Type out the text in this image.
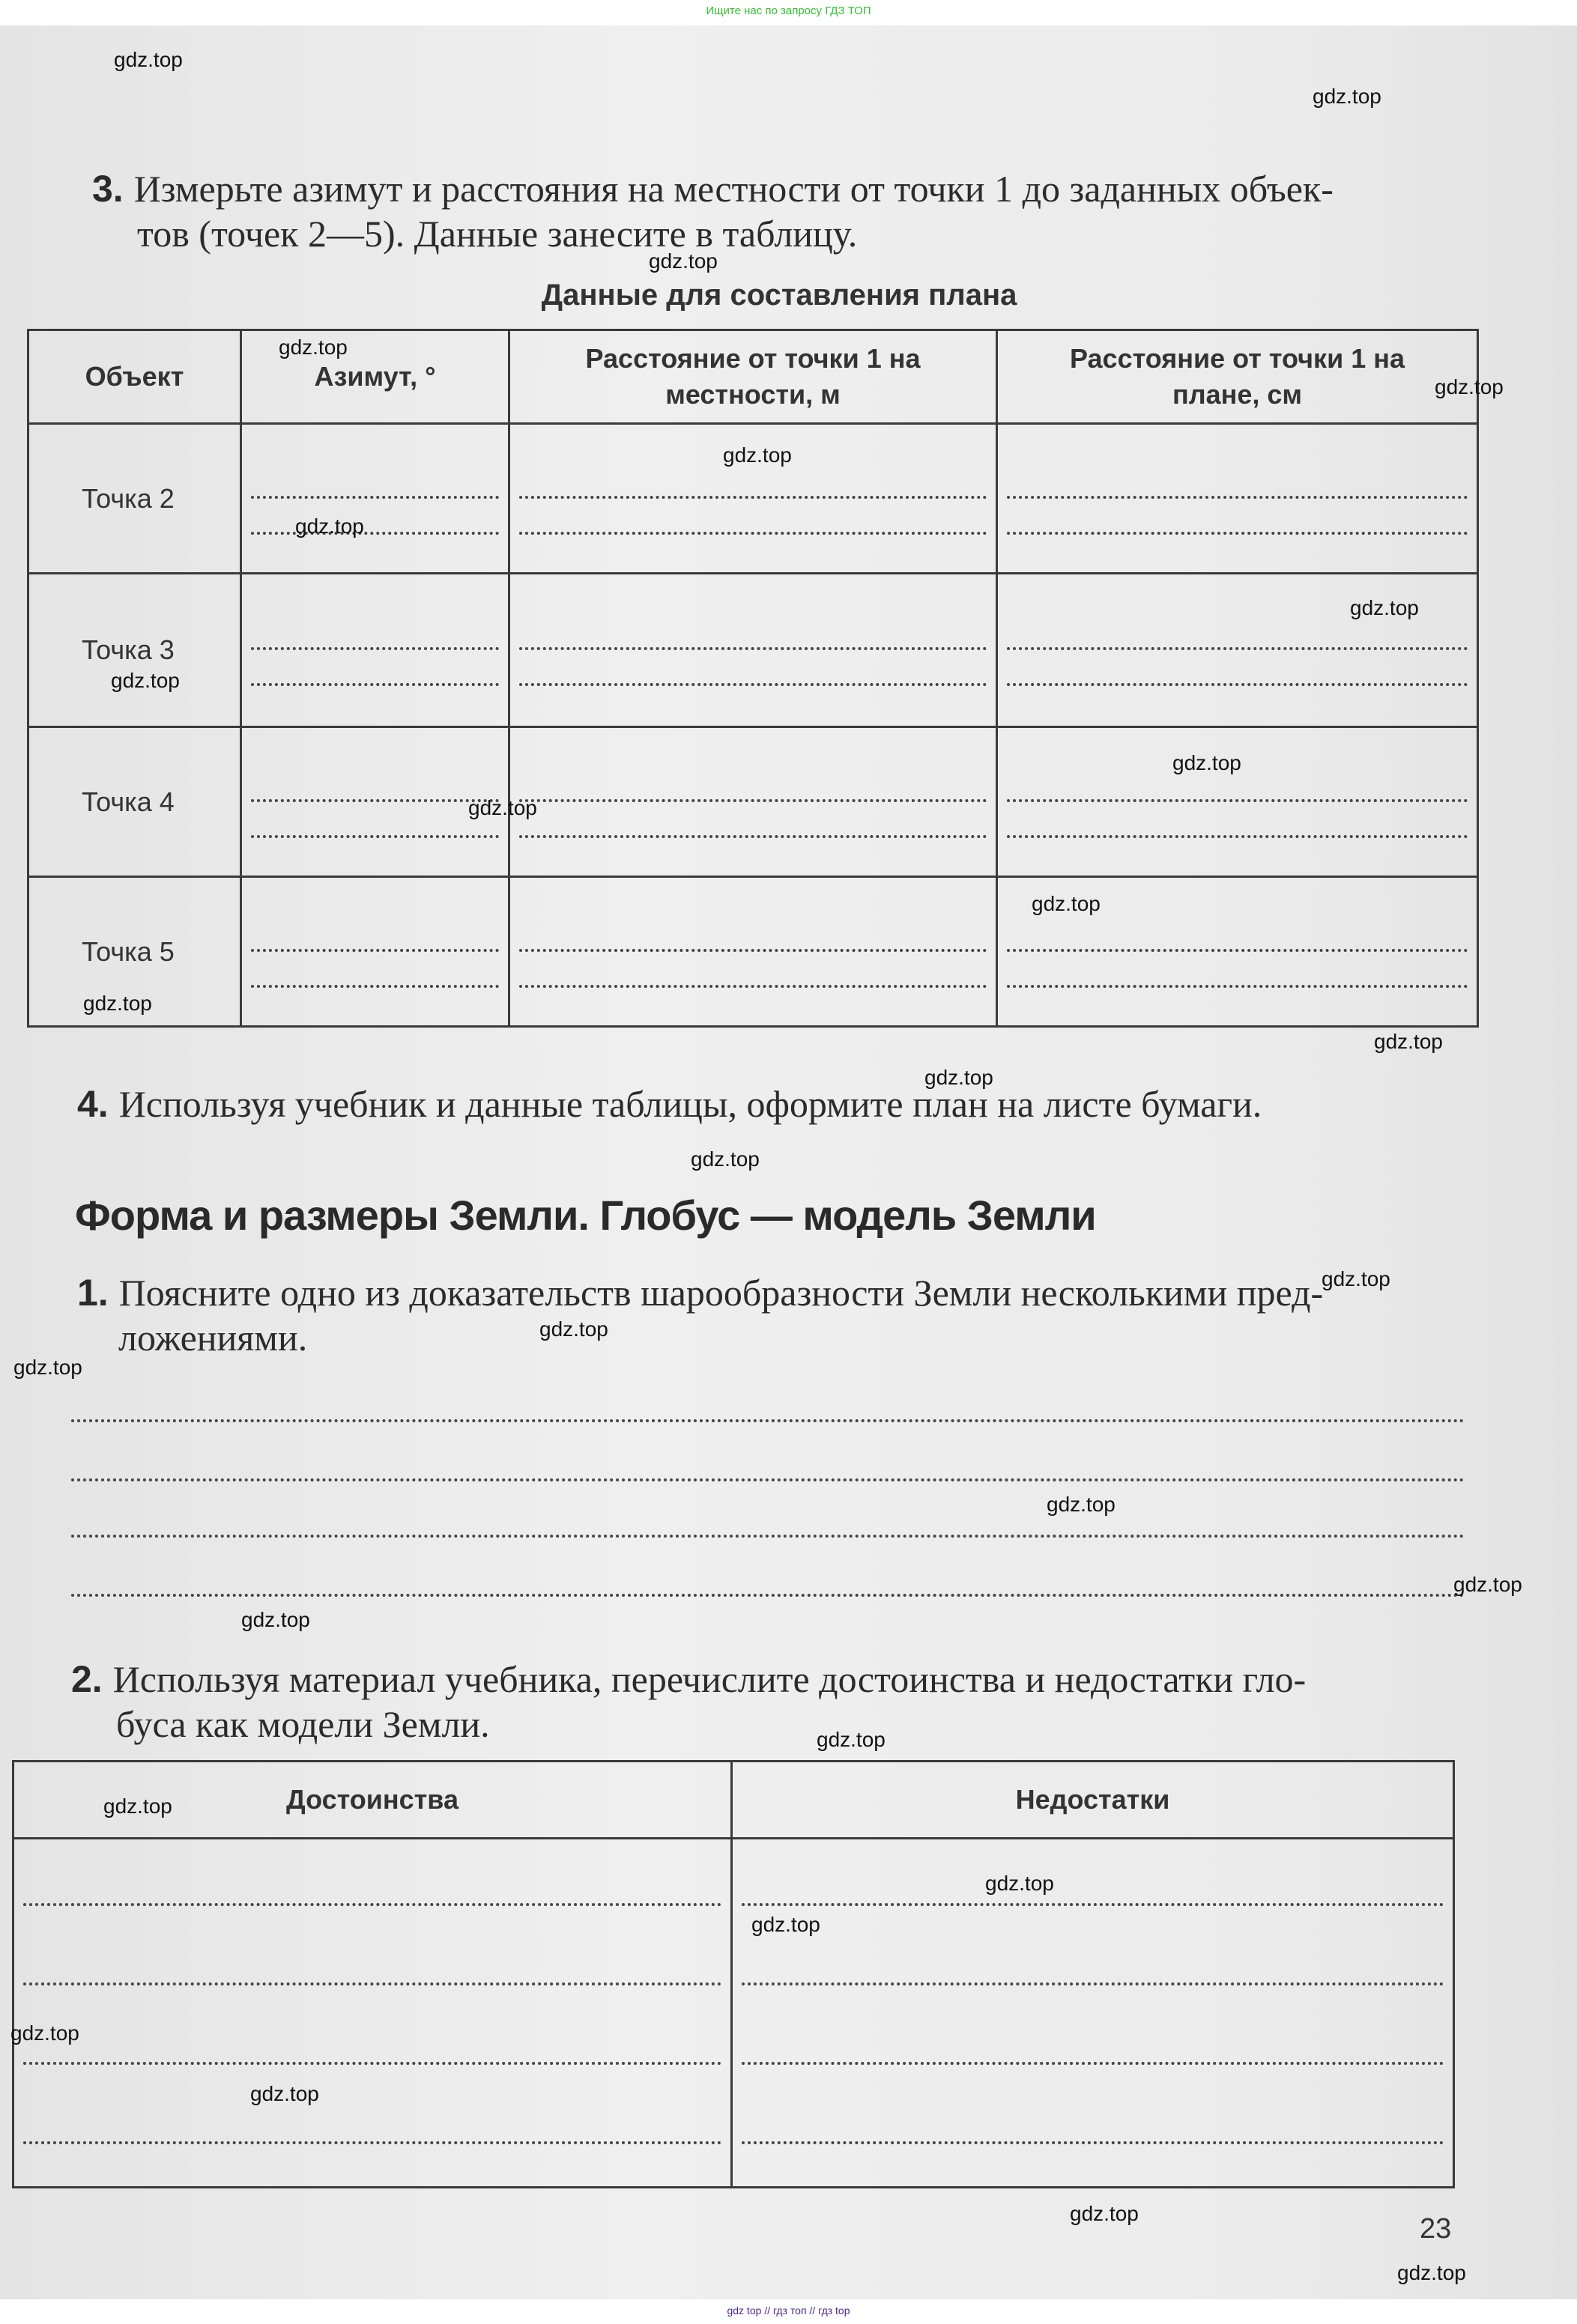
Ищите нас по запросу ГДЗ ТОП
3. Измерьте азимут и расстояния на местности от точки 1 до заданных объек-
тов (точек 2—5). Данные занесите в таблицу.
Данные для составления плана
Объект	Азимут, °	Расстояние от точки 1 на местности, м	Расстояние от точки 1 на плане, см
Точка 2	

Точка 3	

Точка 4	

Точка 5	

4. Используя учебник и данные таблицы, оформите план на листе бумаги.
Форма и размеры Земли. Глобус — модель Земли
1. Поясните одно из доказательств шарообразности Земли несколькими пред-
ложениями.
2. Используя материал учебника, перечислите достоинства и недостатки гло-
буса как модели Земли.
Достоинства	Недостатки

23
gdz.top
gdz.top
gdz.top
gdz.top
gdz.top
gdz.top
gdz.top
gdz.top
gdz.top
gdz.top
gdz.top
gdz.top
gdz.top
gdz.top
gdz.top
gdz.top
gdz.top
gdz.top
gdz.top
gdz.top
gdz.top
gdz.top
gdz.top
gdz.top
gdz.top
gdz.top
gdz.top
gdz.top
gdz.top
gdz.top
gdz top // гдз топ // гдз top
